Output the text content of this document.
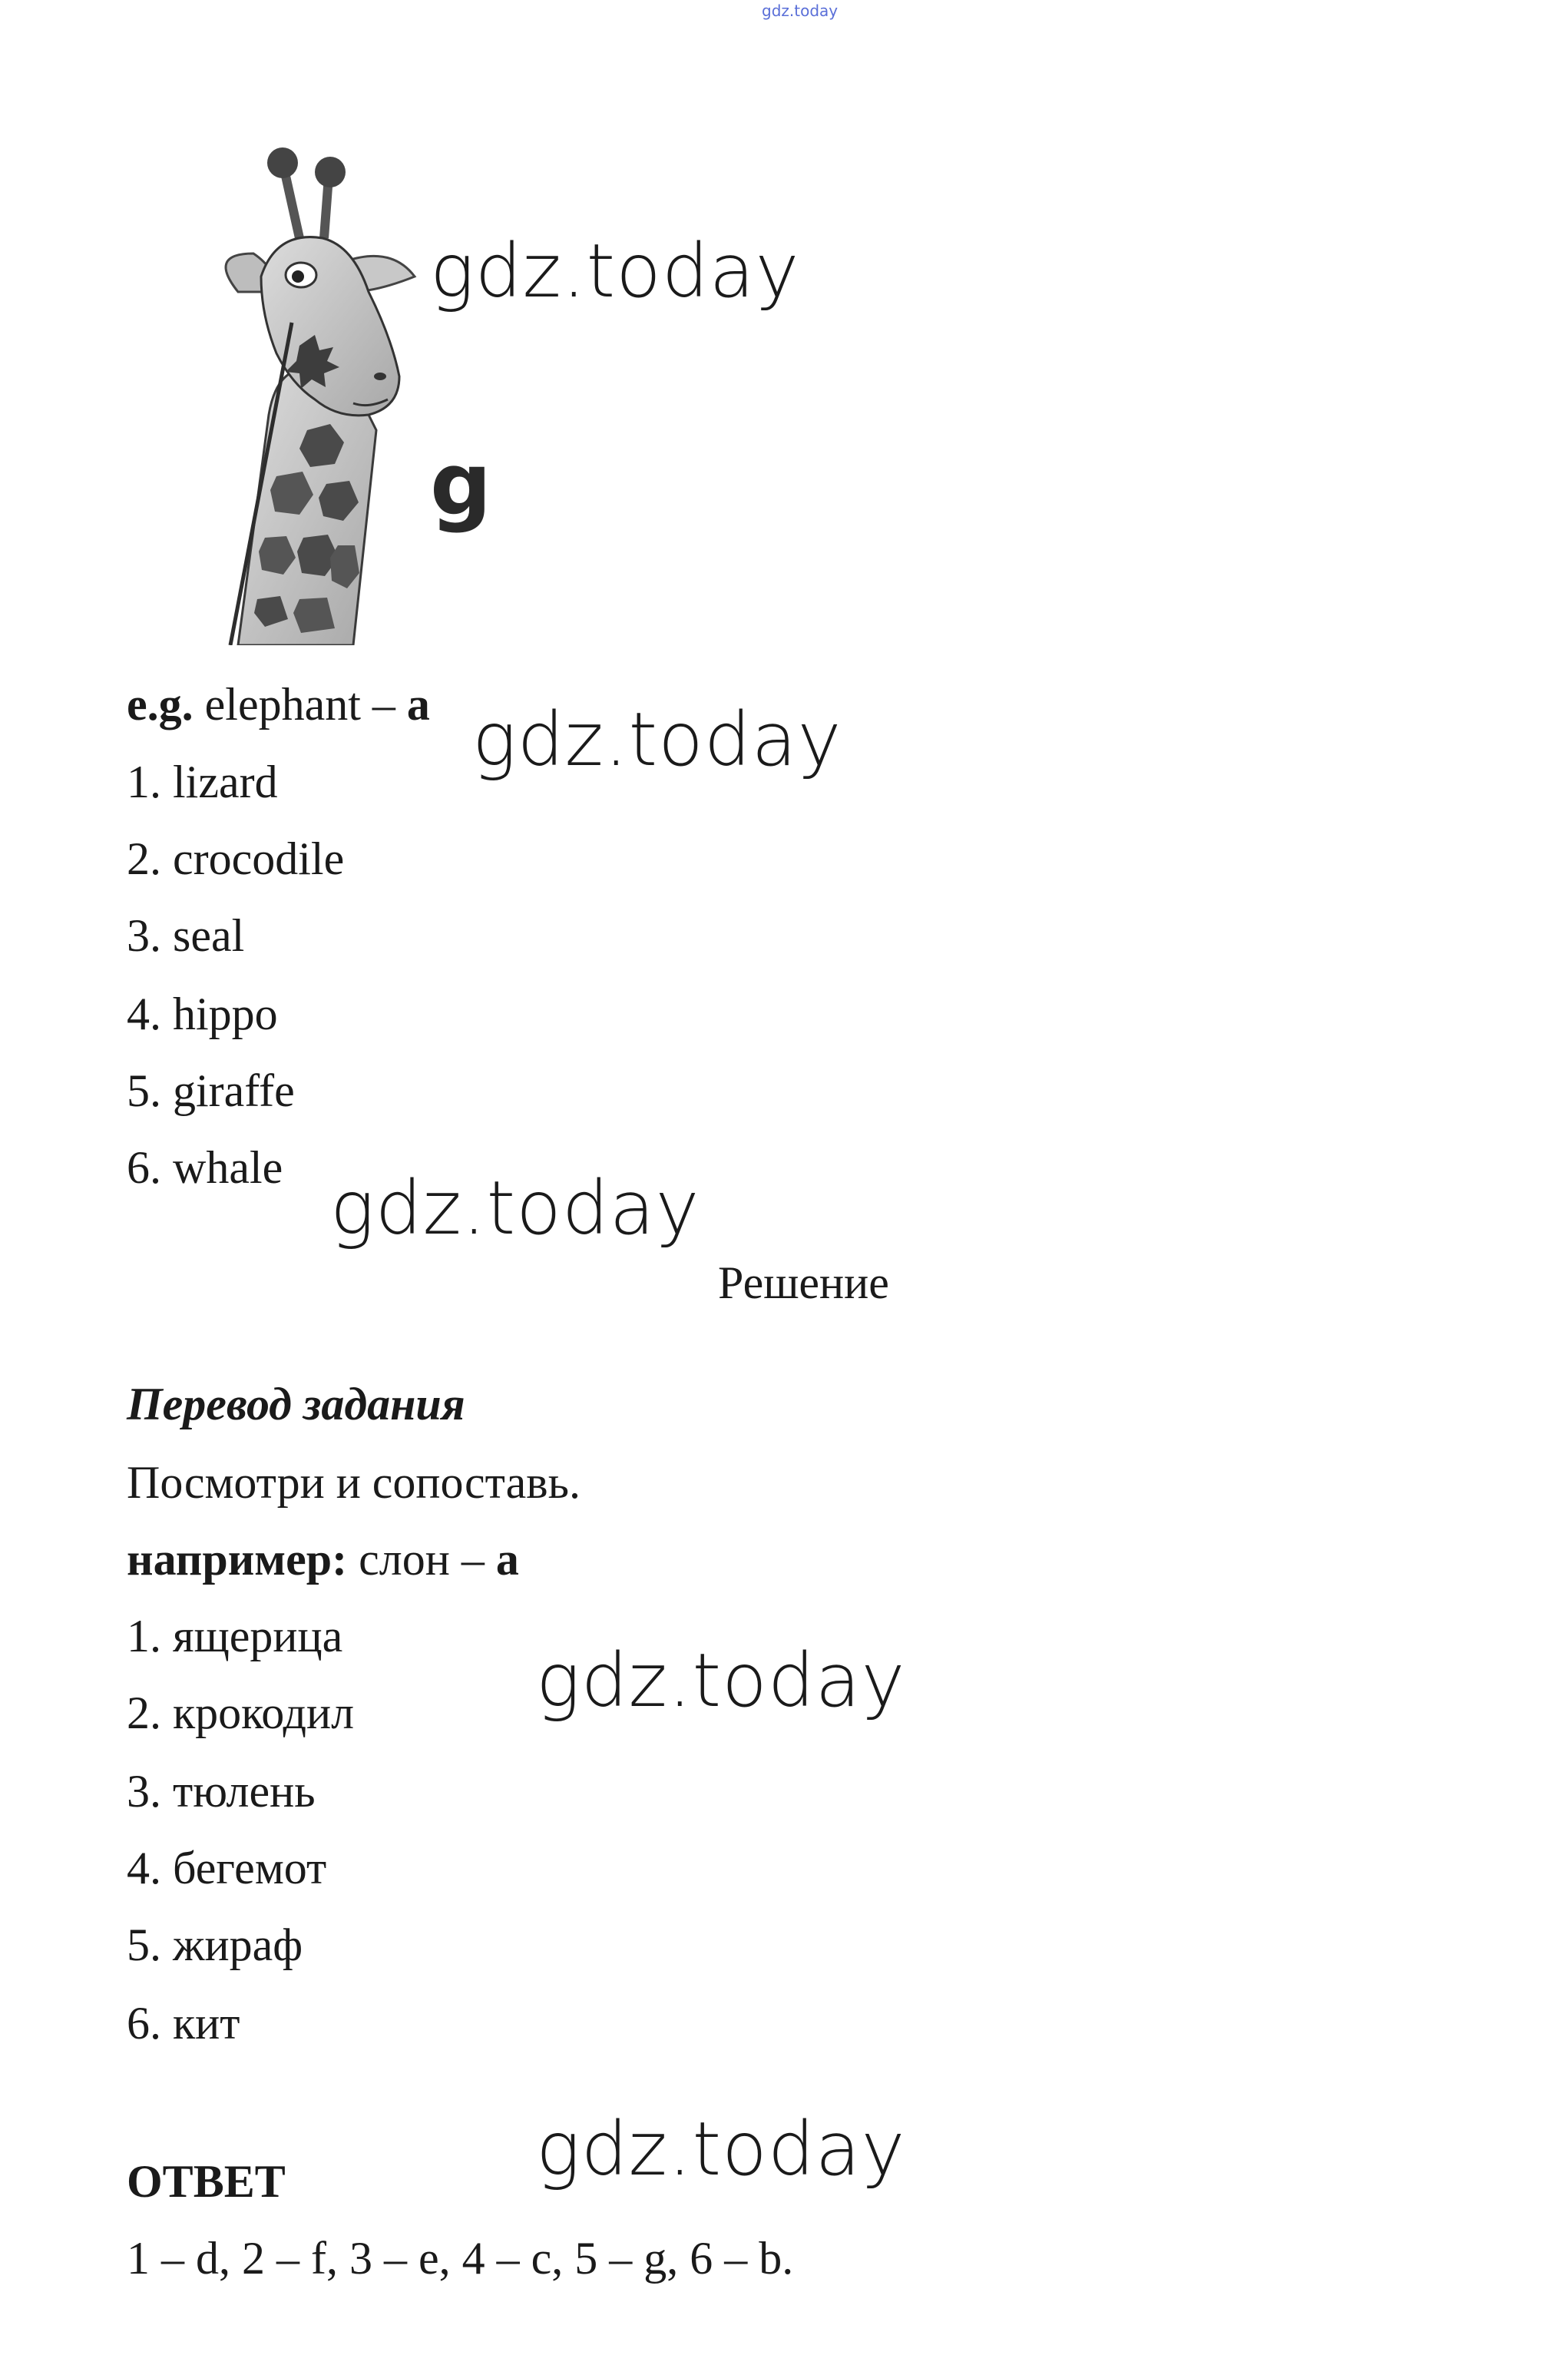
gdz.today
g
gdz.today
gdz.today
gdz.today
gdz.today
gdz.today
e.g. elephant – a
1. lizard
2. crocodile
3. seal
4. hippo
5. giraffe
6. whale
Решение
Перевод задания
Посмотри и сопоставь.
например: слон – а
1. ящерица
2. крокодил
3. тюлень
4. бегемот
5. жираф
6. кит
ОТВЕТ
1 – d, 2 – f, 3 – e, 4 – c, 5 – g, 6 – b.
